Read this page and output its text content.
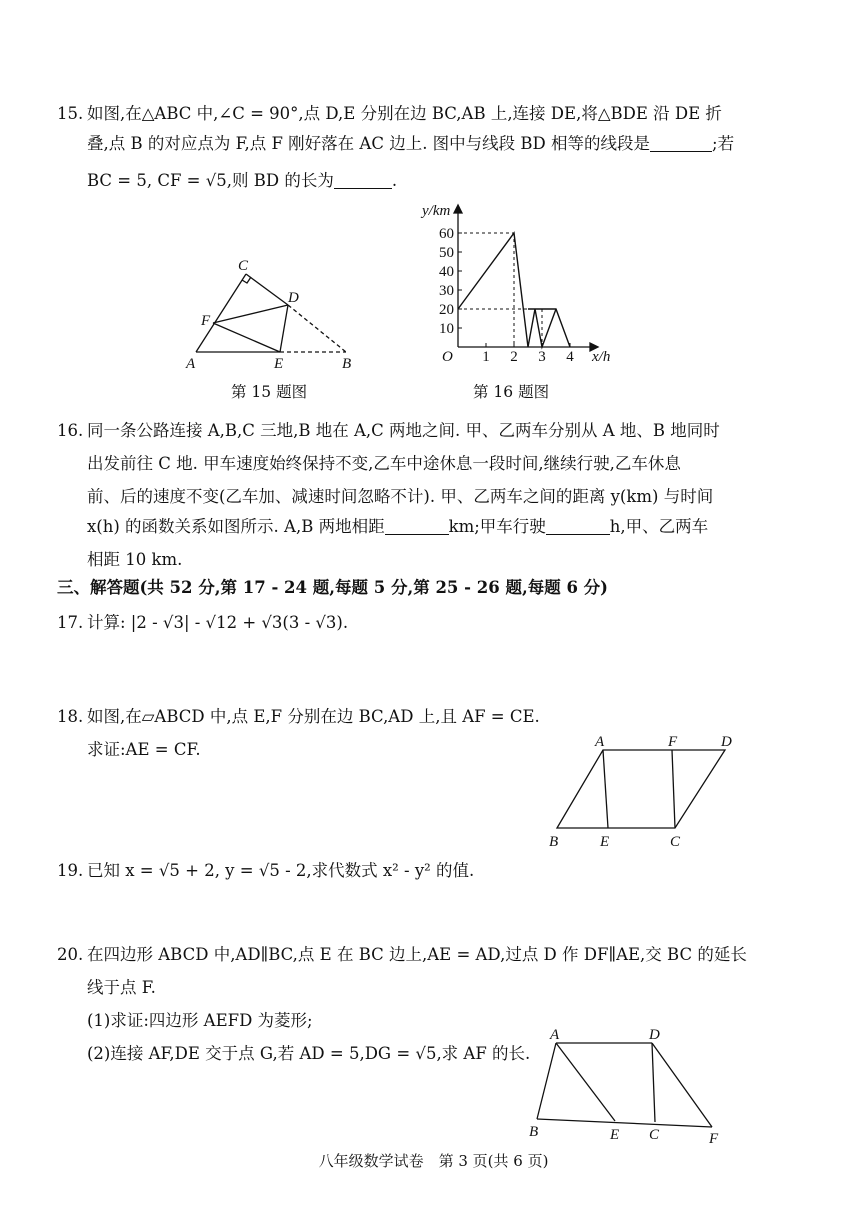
15. 如图,在△ABC 中,∠C = 90°,点 D,E 分别在边 BC,AB 上,连接 DE,将△BDE 沿 DE 折
叠,点 B 的对应点为 F,点 F 刚好落在 AC 边上. 图中与线段 BD 相等的线段是	;若
BC = 5, CF = √5,则 BD 的长为	.
C
D
F
A	E	B
第 15 题图
y/km
x/h
O
60
50
40
30
20
10
1 2 3 4
第 16 题图
16. 同一条公路连接 A,B,C 三地,B 地在 A,C 两地之间. 甲、乙两车分别从 A 地、B 地同时
出发前往 C 地. 甲车速度始终保持不变,乙车中途休息一段时间,继续行驶,乙车休息
前、后的速度不变(乙车加、减速时间忽略不计). 甲、乙两车之间的距离 y(km) 与时间
x(h) 的函数关系如图所示. A,B 两地相距	km;甲车行驶	h,甲、乙两车
相距 10 km.
三、解答题(共 52 分,第 17 - 24 题,每题 5 分,第 25 - 26 题,每题 6 分)
17. 计算: |2 - √3| - √12 + √3(3 - √3).
18. 如图,在▱ABCD 中,点 E,F 分别在边 BC,AD 上,且 AF = CE.
求证:AE = CF.	A	F	D
B	E	C
19. 已知 x = √5 + 2, y = √5 - 2,求代数式 x² - y² 的值.
20. 在四边形 ABCD 中,AD∥BC,点 E 在 BC 边上,AE = AD,过点 D 作 DF∥AE,交 BC 的延长
线于点 F.
(1)求证:四边形 AEFD 为菱形;
(2)连接 AF,DE 交于点 G,若 AD = 5,DG = √5,求 AF 的长.
A	D
B	E C	F
八年级数学试卷　第 3 页(共 6 页)
